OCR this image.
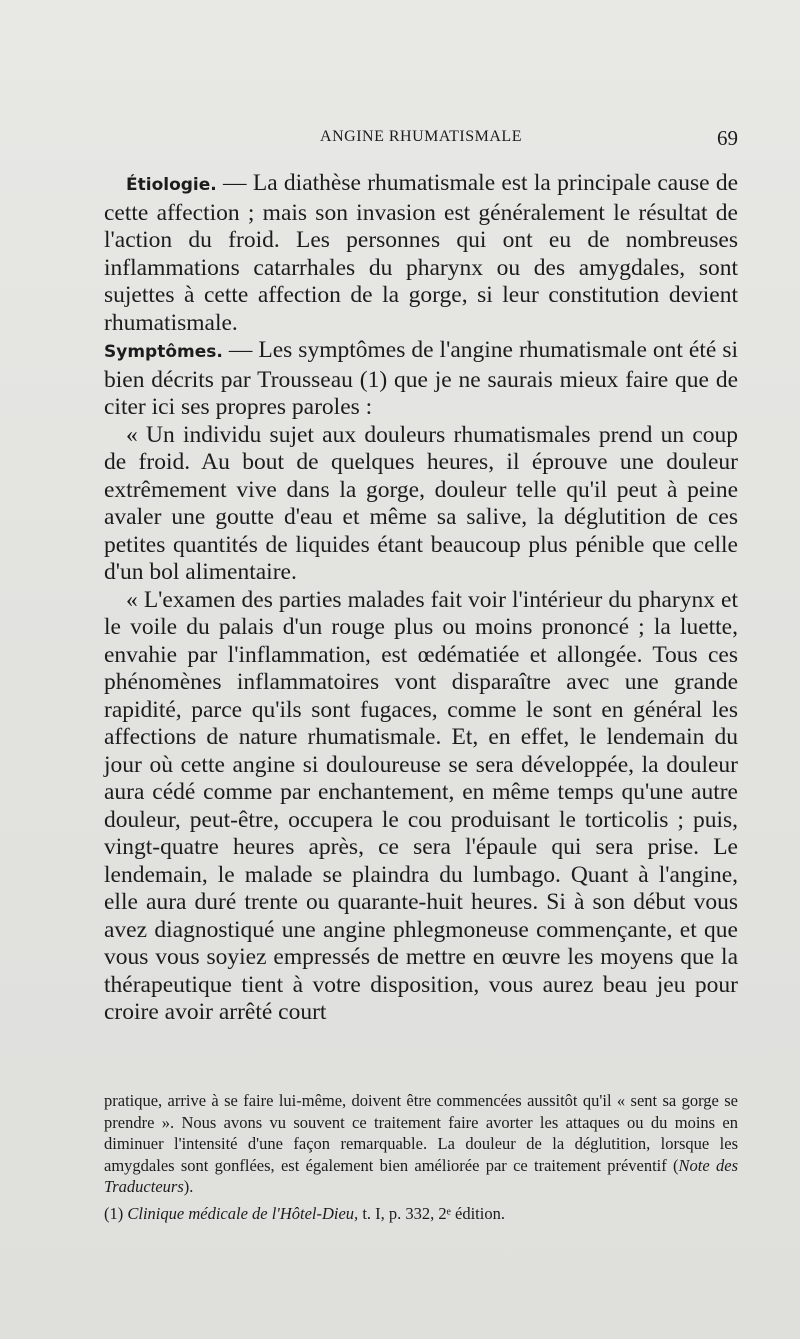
ANGINE RHUMATISMALE	69

Étiologie. — La diathèse rhumatismale est la principale cause de cette affection ; mais son invasion est généralement le résultat de l'action du froid. Les personnes qui ont eu de nombreuses inflammations catarrhales du pharynx ou des amygdales, sont sujettes à cette affection de la gorge, si leur constitution devient rhumatismale.

Symptômes. — Les symptômes de l'angine rhumatismale ont été si bien décrits par Trousseau (1) que je ne saurais mieux faire que de citer ici ses propres paroles :

« Un individu sujet aux douleurs rhumatismales prend un coup de froid. Au bout de quelques heures, il éprouve une douleur extrêmement vive dans la gorge, douleur telle qu'il peut à peine avaler une goutte d'eau et même sa salive, la déglutition de ces petites quantités de liquides étant beaucoup plus pénible que celle d'un bol alimentaire.

« L'examen des parties malades fait voir l'intérieur du pharynx et le voile du palais d'un rouge plus ou moins prononcé ; la luette, envahie par l'inflammation, est œdématiée et allongée. Tous ces phénomènes inflammatoires vont disparaître avec une grande rapidité, parce qu'ils sont fugaces, comme le sont en général les affections de nature rhumatismale. Et, en effet, le lendemain du jour où cette angine si douloureuse se sera développée, la douleur aura cédé comme par enchantement, en même temps qu'une autre douleur, peut-être, occupera le cou produisant le torticolis ; puis, vingt-quatre heures après, ce sera l'épaule qui sera prise. Le lendemain, le malade se plaindra du lumbago. Quant à l'angine, elle aura duré trente ou quarante-huit heures. Si à son début vous avez diagnostiqué une angine phlegmoneuse commençante, et que vous vous soyiez empressés de mettre en œuvre les moyens que la thérapeutique tient à votre disposition, vous aurez beau jeu pour croire avoir arrêté court

pratique, arrive à se faire lui-même, doivent être commencées aussitôt qu'il « sent sa gorge se prendre ». Nous avons vu souvent ce traitement faire avorter les attaques ou du moins en diminuer l'intensité d'une façon remarquable. La douleur de la déglutition, lorsque les amygdales sont gonflées, est également bien améliorée par ce traitement préventif (Note des Traducteurs).

(1) Clinique médicale de l'Hôtel-Dieu, t. I, p. 332, 2ᵉ édition.
